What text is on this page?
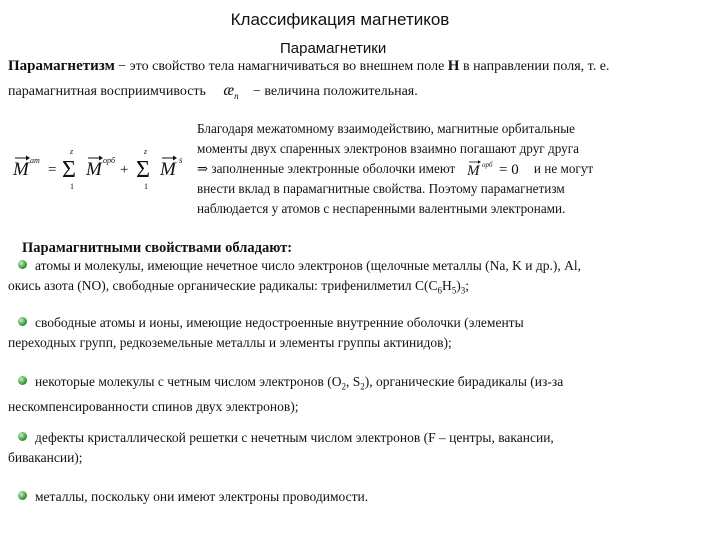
Классификация магнетиков
Парамагнетики
Парамагнетизм − это свойство тела намагничиваться во внешнем поле H в направлении поля, т. е.
парамагнитная восприимчивость $æ_п$ − величина положительная.
M ат
=
z
Σ
1
M орб
+
z
Σ
1
M s
Благодаря межатомному взаимодействию, магнитные орбитальные
моменты двух спаренных электронов взаимно погашают друг друга
⇒ заполненные электронные оболочки имеют M орб = 0 и не могут
внести вклад в парамагнитные свойства. Поэтому парамагнетизм
наблюдается у атомов с неспаренными валентными электронами.
Парамагнитными свойствами обладают:
атомы и молекулы, имеющие нечетное число электронов (щелочные металлы (Na, K и др.), Al,
окись азота (NO), свободные органические радикалы: трифенилметил $C(C_6H_5)_3$;
свободные атомы и ионы, имеющие недостроенные внутренние оболочки (элементы
переходных групп, редкоземельные металлы и элементы группы актинидов);
некоторые молекулы с четным числом электронов ($O_2$, $S_2$), органические бирадикалы (из-за
нескомпенсированности спинов двух электронов);
дефекты кристаллической решетки с нечетным числом электронов (F – центры, вакансии,
бивакансии);
металлы, поскольку они имеют электроны проводимости.
